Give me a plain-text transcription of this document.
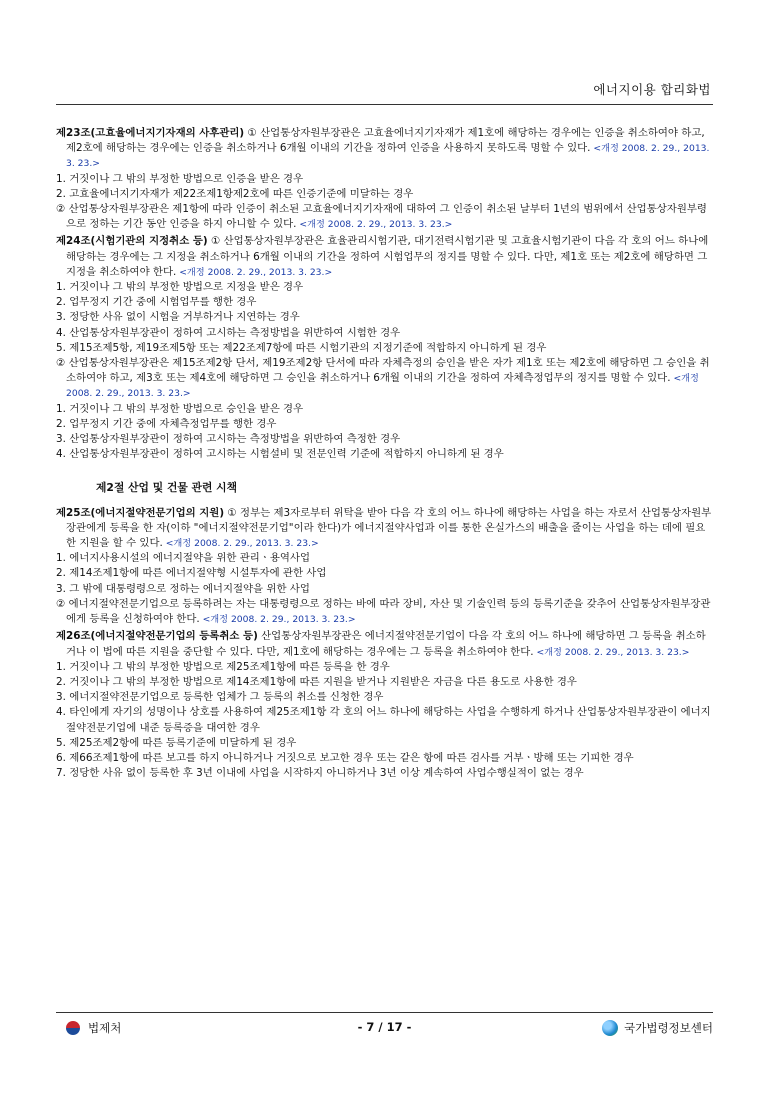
에너지이용 합리화법

제23조(고효율에너지기자재의 사후관리) ① 산업통상자원부장관은 고효율에너지기자재가 제1호에 해당하는 경우에는 인증을 취소하여야 하고, 제2호에 해당하는 경우에는 인증을 취소하거나 6개월 이내의 기간을 정하여 인증을 사용하지 못하도록 명할 수 있다. <개정 2008. 2. 29., 2013. 3. 23.>

1. 거짓이나 그 밖의 부정한 방법으로 인증을 받은 경우

2. 고효율에너지기자재가 제22조제1항제2호에 따른 인증기준에 미달하는 경우

② 산업통상자원부장관은 제1항에 따라 인증이 취소된 고효율에너지기자재에 대하여 그 인증이 취소된 날부터 1년의 범위에서 산업통상자원부령으로 정하는 기간 동안 인증을 하지 아니할 수 있다. <개정 2008. 2. 29., 2013. 3. 23.>

제24조(시험기관의 지정취소 등) ① 산업통상자원부장관은 효율관리시험기관, 대기전력시험기관 및 고효율시험기관이 다음 각 호의 어느 하나에 해당하는 경우에는 그 지정을 취소하거나 6개월 이내의 기간을 정하여 시험업무의 정지를 명할 수 있다. 다만, 제1호 또는 제2호에 해당하면 그 지정을 취소하여야 한다. <개정 2008. 2. 29., 2013. 3. 23.>

1. 거짓이나 그 밖의 부정한 방법으로 지정을 받은 경우

2. 업무정지 기간 중에 시험업무를 행한 경우

3. 정당한 사유 없이 시험을 거부하거나 지연하는 경우

4. 산업통상자원부장관이 정하여 고시하는 측정방법을 위반하여 시험한 경우

5. 제15조제5항, 제19조제5항 또는 제22조제7항에 따른 시험기관의 지정기준에 적합하지 아니하게 된 경우

② 산업통상자원부장관은 제15조제2항 단서, 제19조제2항 단서에 따라 자체측정의 승인을 받은 자가 제1호 또는 제2호에 해당하면 그 승인을 취소하여야 하고, 제3호 또는 제4호에 해당하면 그 승인을 취소하거나 6개월 이내의 기간을 정하여 자체측정업무의 정지를 명할 수 있다. <개정 2008. 2. 29., 2013. 3. 23.>

1. 거짓이나 그 밖의 부정한 방법으로 승인을 받은 경우

2. 업무정지 기간 중에 자체측정업무를 행한 경우

3. 산업통상자원부장관이 정하여 고시하는 측정방법을 위반하여 측정한 경우

4. 산업통상자원부장관이 정하여 고시하는 시험설비 및 전문인력 기준에 적합하지 아니하게 된 경우

제2절 산업 및 건물 관련 시책

제25조(에너지절약전문기업의 지원) ① 정부는 제3자로부터 위탁을 받아 다음 각 호의 어느 하나에 해당하는 사업을 하는 자로서 산업통상자원부장관에게 등록을 한 자(이하 "에너지절약전문기업"이라 한다)가 에너지절약사업과 이를 통한 온실가스의 배출을 줄이는 사업을 하는 데에 필요한 지원을 할 수 있다. <개정 2008. 2. 29., 2013. 3. 23.>

1. 에너지사용시설의 에너지절약을 위한 관리ㆍ용역사업

2. 제14조제1항에 따른 에너지절약형 시설투자에 관한 사업

3. 그 밖에 대통령령으로 정하는 에너지절약을 위한 사업

② 에너지절약전문기업으로 등록하려는 자는 대통령령으로 정하는 바에 따라 장비, 자산 및 기술인력 등의 등록기준을 갖추어 산업통상자원부장관에게 등록을 신청하여야 한다. <개정 2008. 2. 29., 2013. 3. 23.>

제26조(에너지절약전문기업의 등록취소 등) 산업통상자원부장관은 에너지절약전문기업이 다음 각 호의 어느 하나에 해당하면 그 등록을 취소하거나 이 법에 따른 지원을 중단할 수 있다. 다만, 제1호에 해당하는 경우에는 그 등록을 취소하여야 한다. <개정 2008. 2. 29., 2013. 3. 23.>

1. 거짓이나 그 밖의 부정한 방법으로 제25조제1항에 따른 등록을 한 경우

2. 거짓이나 그 밖의 부정한 방법으로 제14조제1항에 따른 지원을 받거나 지원받은 자금을 다른 용도로 사용한 경우

3. 에너지절약전문기업으로 등록한 업체가 그 등록의 취소를 신청한 경우

4. 타인에게 자기의 성명이나 상호를 사용하여 제25조제1항 각 호의 어느 하나에 해당하는 사업을 수행하게 하거나 산업통상자원부장관이 에너지절약전문기업에 내준 등록증을 대여한 경우

5. 제25조제2항에 따른 등록기준에 미달하게 된 경우

6. 제66조제1항에 따른 보고를 하지 아니하거나 거짓으로 보고한 경우 또는 같은 항에 따른 검사를 거부ㆍ방해 또는 기피한 경우

7. 정당한 사유 없이 등록한 후 3년 이내에 사업을 시작하지 아니하거나 3년 이상 계속하여 사업수행실적이 없는 경우

법제처	- 7 / 17 -	국가법령정보센터
